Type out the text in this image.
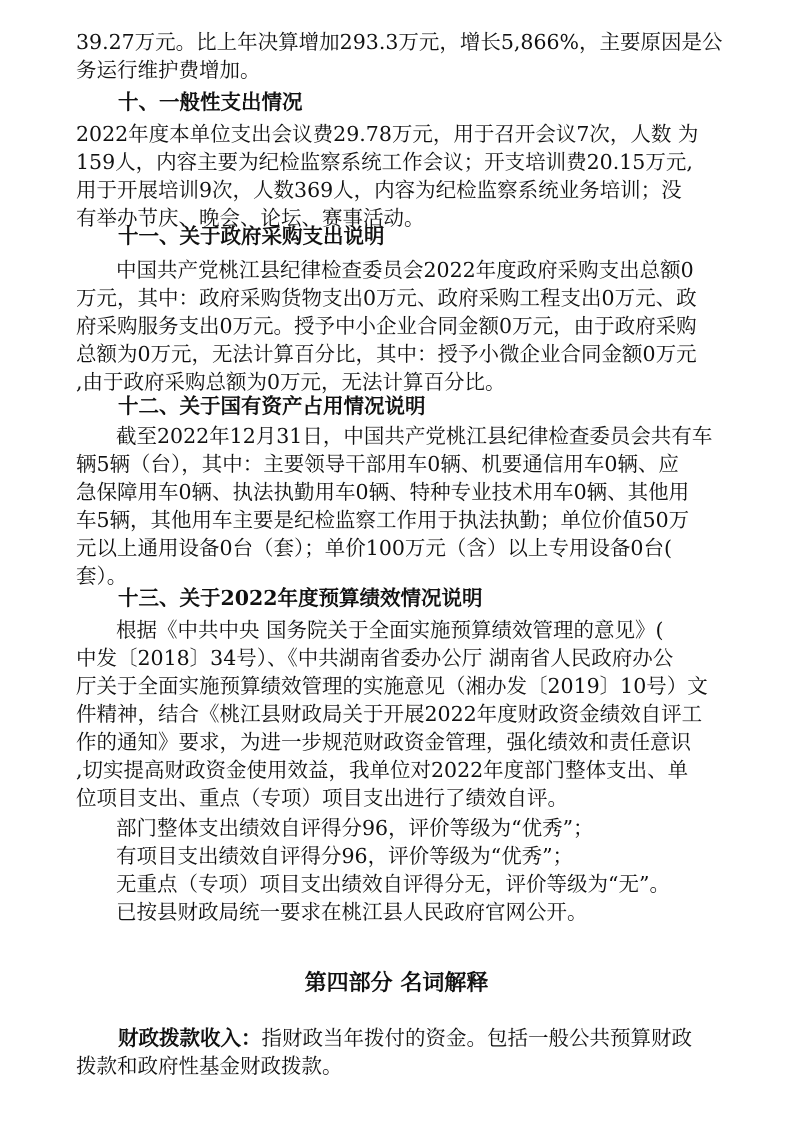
39.27万元。比上年决算增加293.3万元，增长5,866%，主要原因是公
务运行维护费增加。
十、一般性支出情况
2022年度本单位支出会议费29.78万元，用于召开会议7次，人数 为
159人，内容主要为纪检监察系统工作会议；开支培训费20.15万元,
用于开展培训9次，人数369人，内容为纪检监察系统业务培训；没
有举办节庆、晚会、论坛、赛事活动。
十一、关于政府采购支出说明
中国共产党桃江县纪律检查委员会2022年度政府采购支出总额0
万元，其中：政府采购货物支出0万元、政府采购工程支出0万元、政
府采购服务支出0万元。授予中小企业合同金额0万元，由于政府采购
总额为0万元，无法计算百分比，其中：授予小微企业合同金额0万元
,由于政府采购总额为0万元，无法计算百分比。
十二、关于国有资产占用情况说明
截至2022年12月31日，中国共产党桃江县纪律检查委员会共有车
辆5辆（台），其中：主要领导干部用车0辆、机要通信用车0辆、应
急保障用车0辆、执法执勤用车0辆、特种专业技术用车0辆、其他用
车5辆，其他用车主要是纪检监察工作用于执法执勤；单位价值50万
元以上通用设备0台（套）；单价100万元（含）以上专用设备0台(
套）。
十三、关于2022年度预算绩效情况说明
根据《中共中央 国务院关于全面实施预算绩效管理的意见》(
中发〔2018〕34号）、《中共湖南省委办公厅 湖南省人民政府办公
厅关于全面实施预算绩效管理的实施意见（湘办发〔2019〕10号）文
件精神，结合《桃江县财政局关于开展2022年度财政资金绩效自评工
作的通知》要求，为进一步规范财政资金管理，强化绩效和责任意识
,切实提高财政资金使用效益，我单位对2022年度部门整体支出、单
位项目支出、重点（专项）项目支出进行了绩效自评。
部门整体支出绩效自评得分96，评价等级为“优秀”；
有项目支出绩效自评得分96，评价等级为“优秀”；
无重点（专项）项目支出绩效自评得分无，评价等级为“无”。
已按县财政局统一要求在桃江县人民政府官网公开。
第四部分 名词解释
财政拨款收入：指财政当年拨付的资金。包括一般公共预算财政
拨款和政府性基金财政拨款。
